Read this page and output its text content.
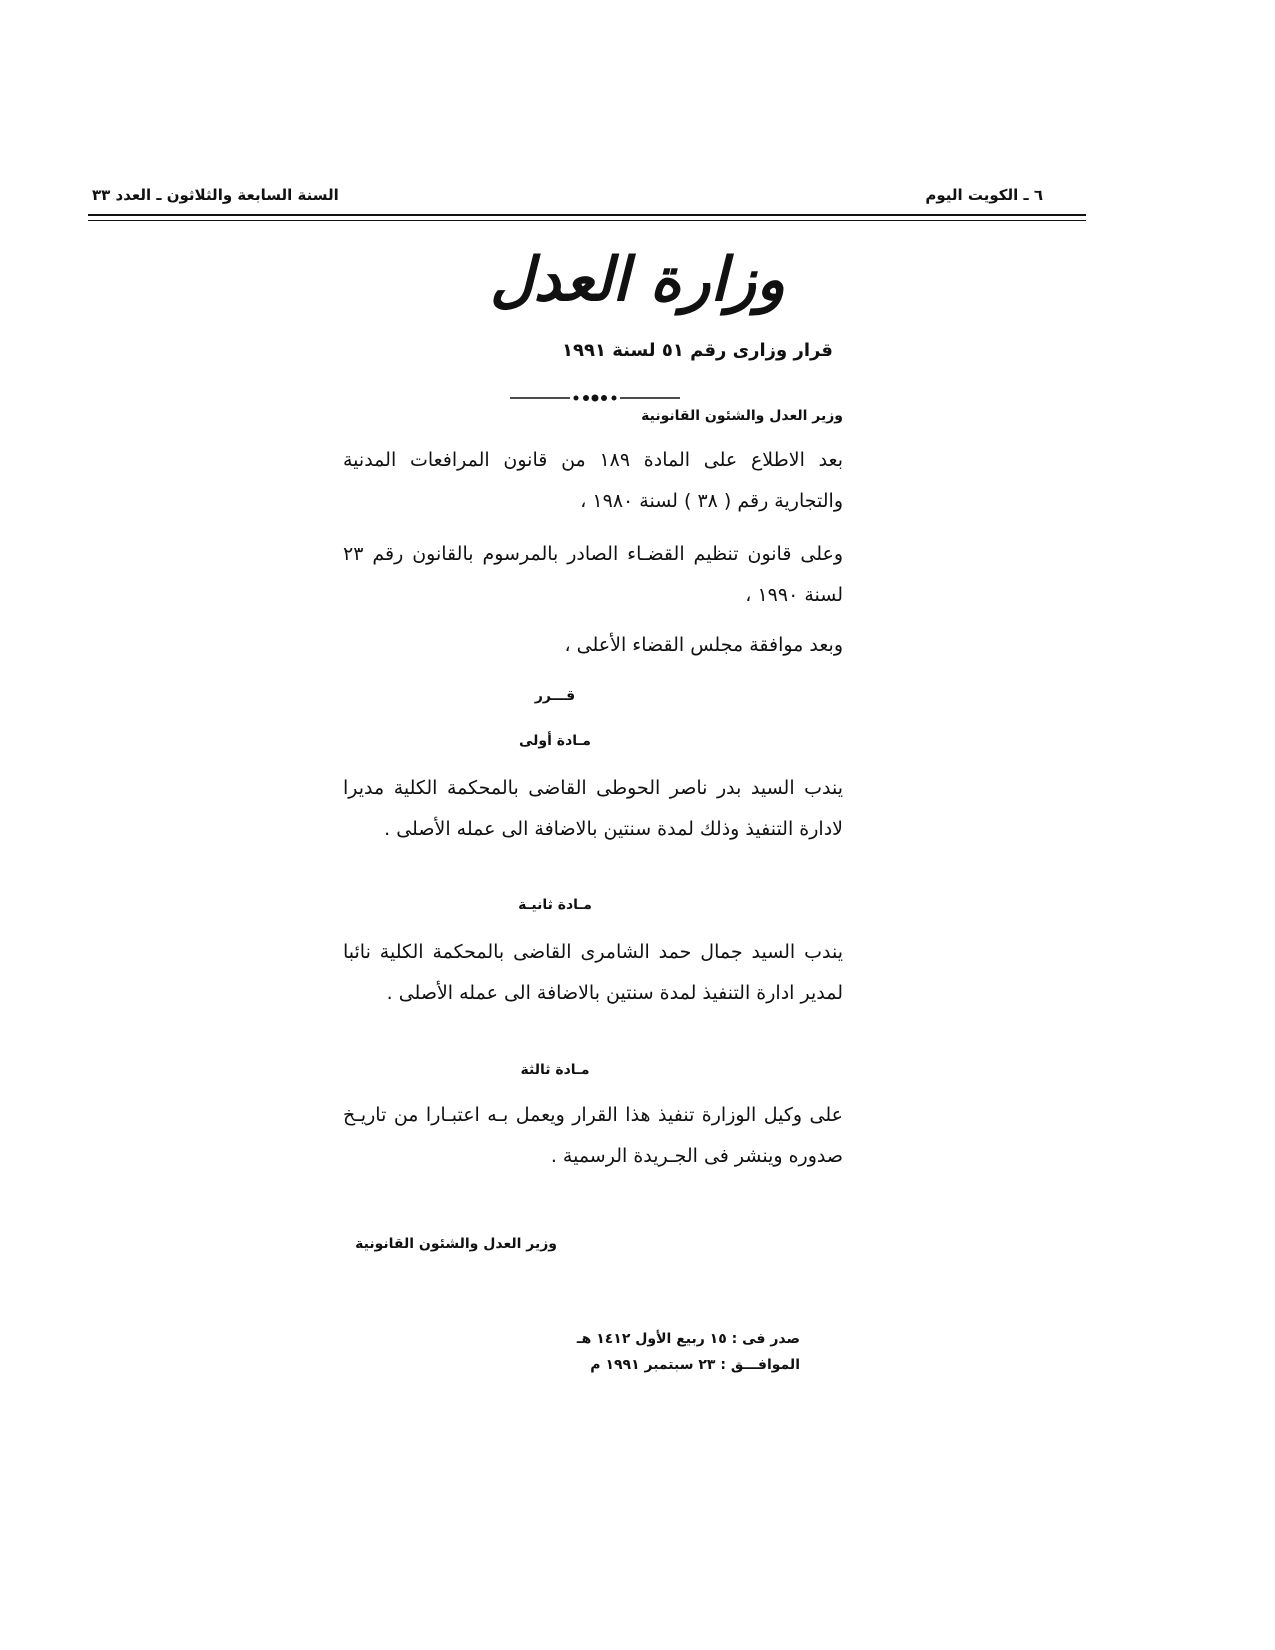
٦ ـ الكويت اليوم
السنة السابعة والثلاثون ـ العدد ٣٣
وزارة العدل
قرار وزارى رقم ٥١ لسنة ١٩٩١
وزير العدل والشئون القانونية
بعد الاطلاع على المادة ١٨٩ من قانون المرافعات المدنية والتجارية رقم ( ٣٨ ) لسنة ١٩٨٠ ،
وعلى قانون تنظيم القضـاء الصادر بالمرسوم بالقانون رقم ٢٣ لسنة ١٩٩٠ ،
وبعد موافقة مجلس القضاء الأعلى ،
قـــرر
مـادة أولى
يندب السيد بدر ناصر الحوطى القاضى بالمحكمة الكلية مديرا لادارة التنفيذ وذلك لمدة سنتين بالاضافة الى عمله الأصلى .
مـادة ثانيـة
يندب السيد جمال حمد الشامرى القاضى بالمحكمة الكلية نائبا لمدير ادارة التنفيذ لمدة سنتين بالاضافة الى عمله الأصلى .
مـادة ثالثة
على وكيل الوزارة تنفيذ هذا القرار ويعمل بـه اعتبـارا من تاريـخ صدوره وينشر فى الجـريدة الرسمية .
وزير العدل والشئون القانونية
صدر فى : ١٥ ربيع الأول ١٤١٢ هـ
الموافـــق : ٢٣ سبتمبر ١٩٩١ م
